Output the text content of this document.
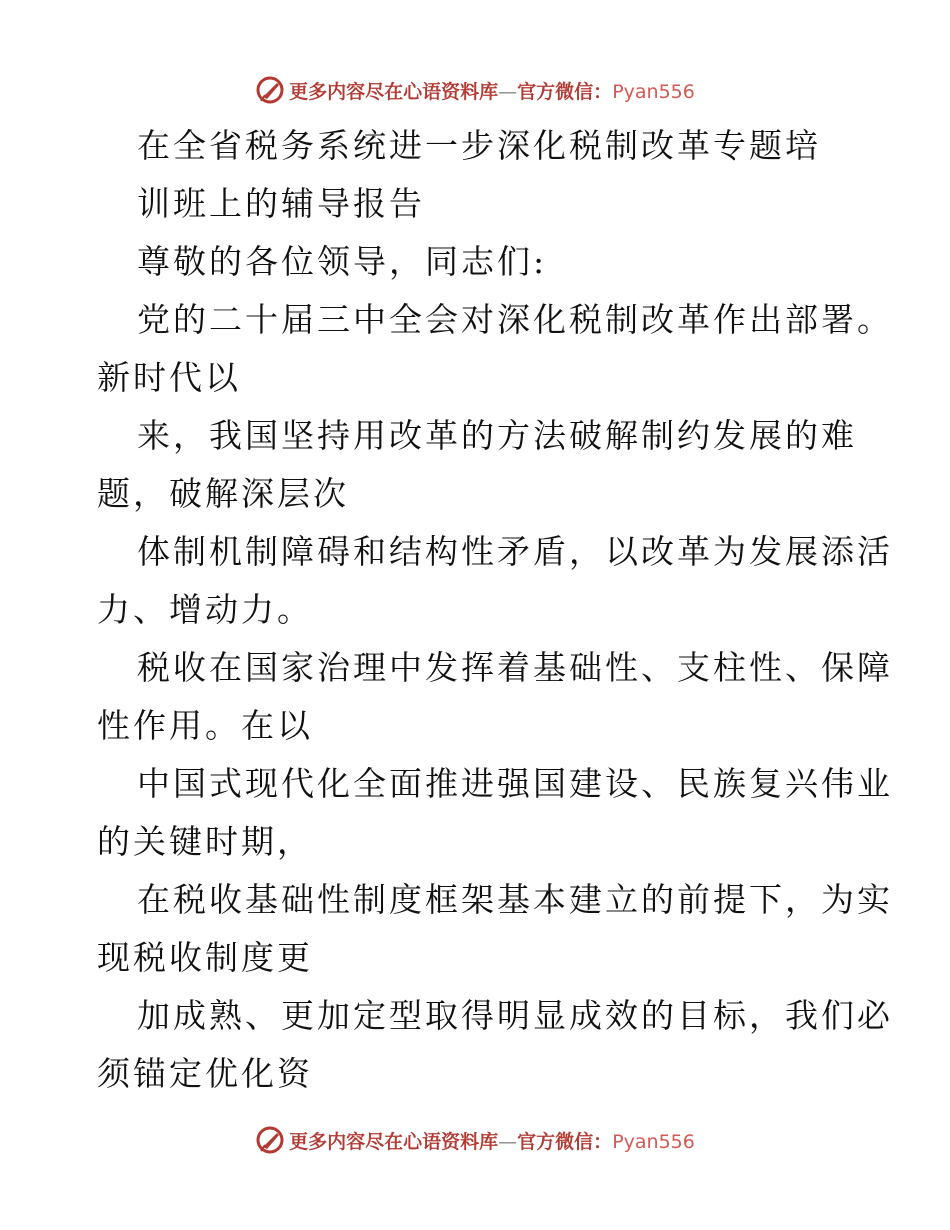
更多内容尽在心语资料库—官方微信：Pyan556
在全省税务系统进一步深化税制改革专题培
训班上的辅导报告
尊敬的各位领导，同志们:
党的二十届三中全会对深化税制改革作出部署。
新时代以
来，我国坚持用改革的方法破解制约发展的难
题，破解深层次
体制机制障碍和结构性矛盾，以改革为发展添活
力、增动力。
税收在国家治理中发挥着基础性、支柱性、保障
性作用。在以
中国式现代化全面推进强国建设、民族复兴伟业
的关键时期，
在税收基础性制度框架基本建立的前提下，为实
现税收制度更
加成熟、更加定型取得明显成效的目标，我们必
须锚定优化资
更多内容尽在心语资料库—官方微信：Pyan556
